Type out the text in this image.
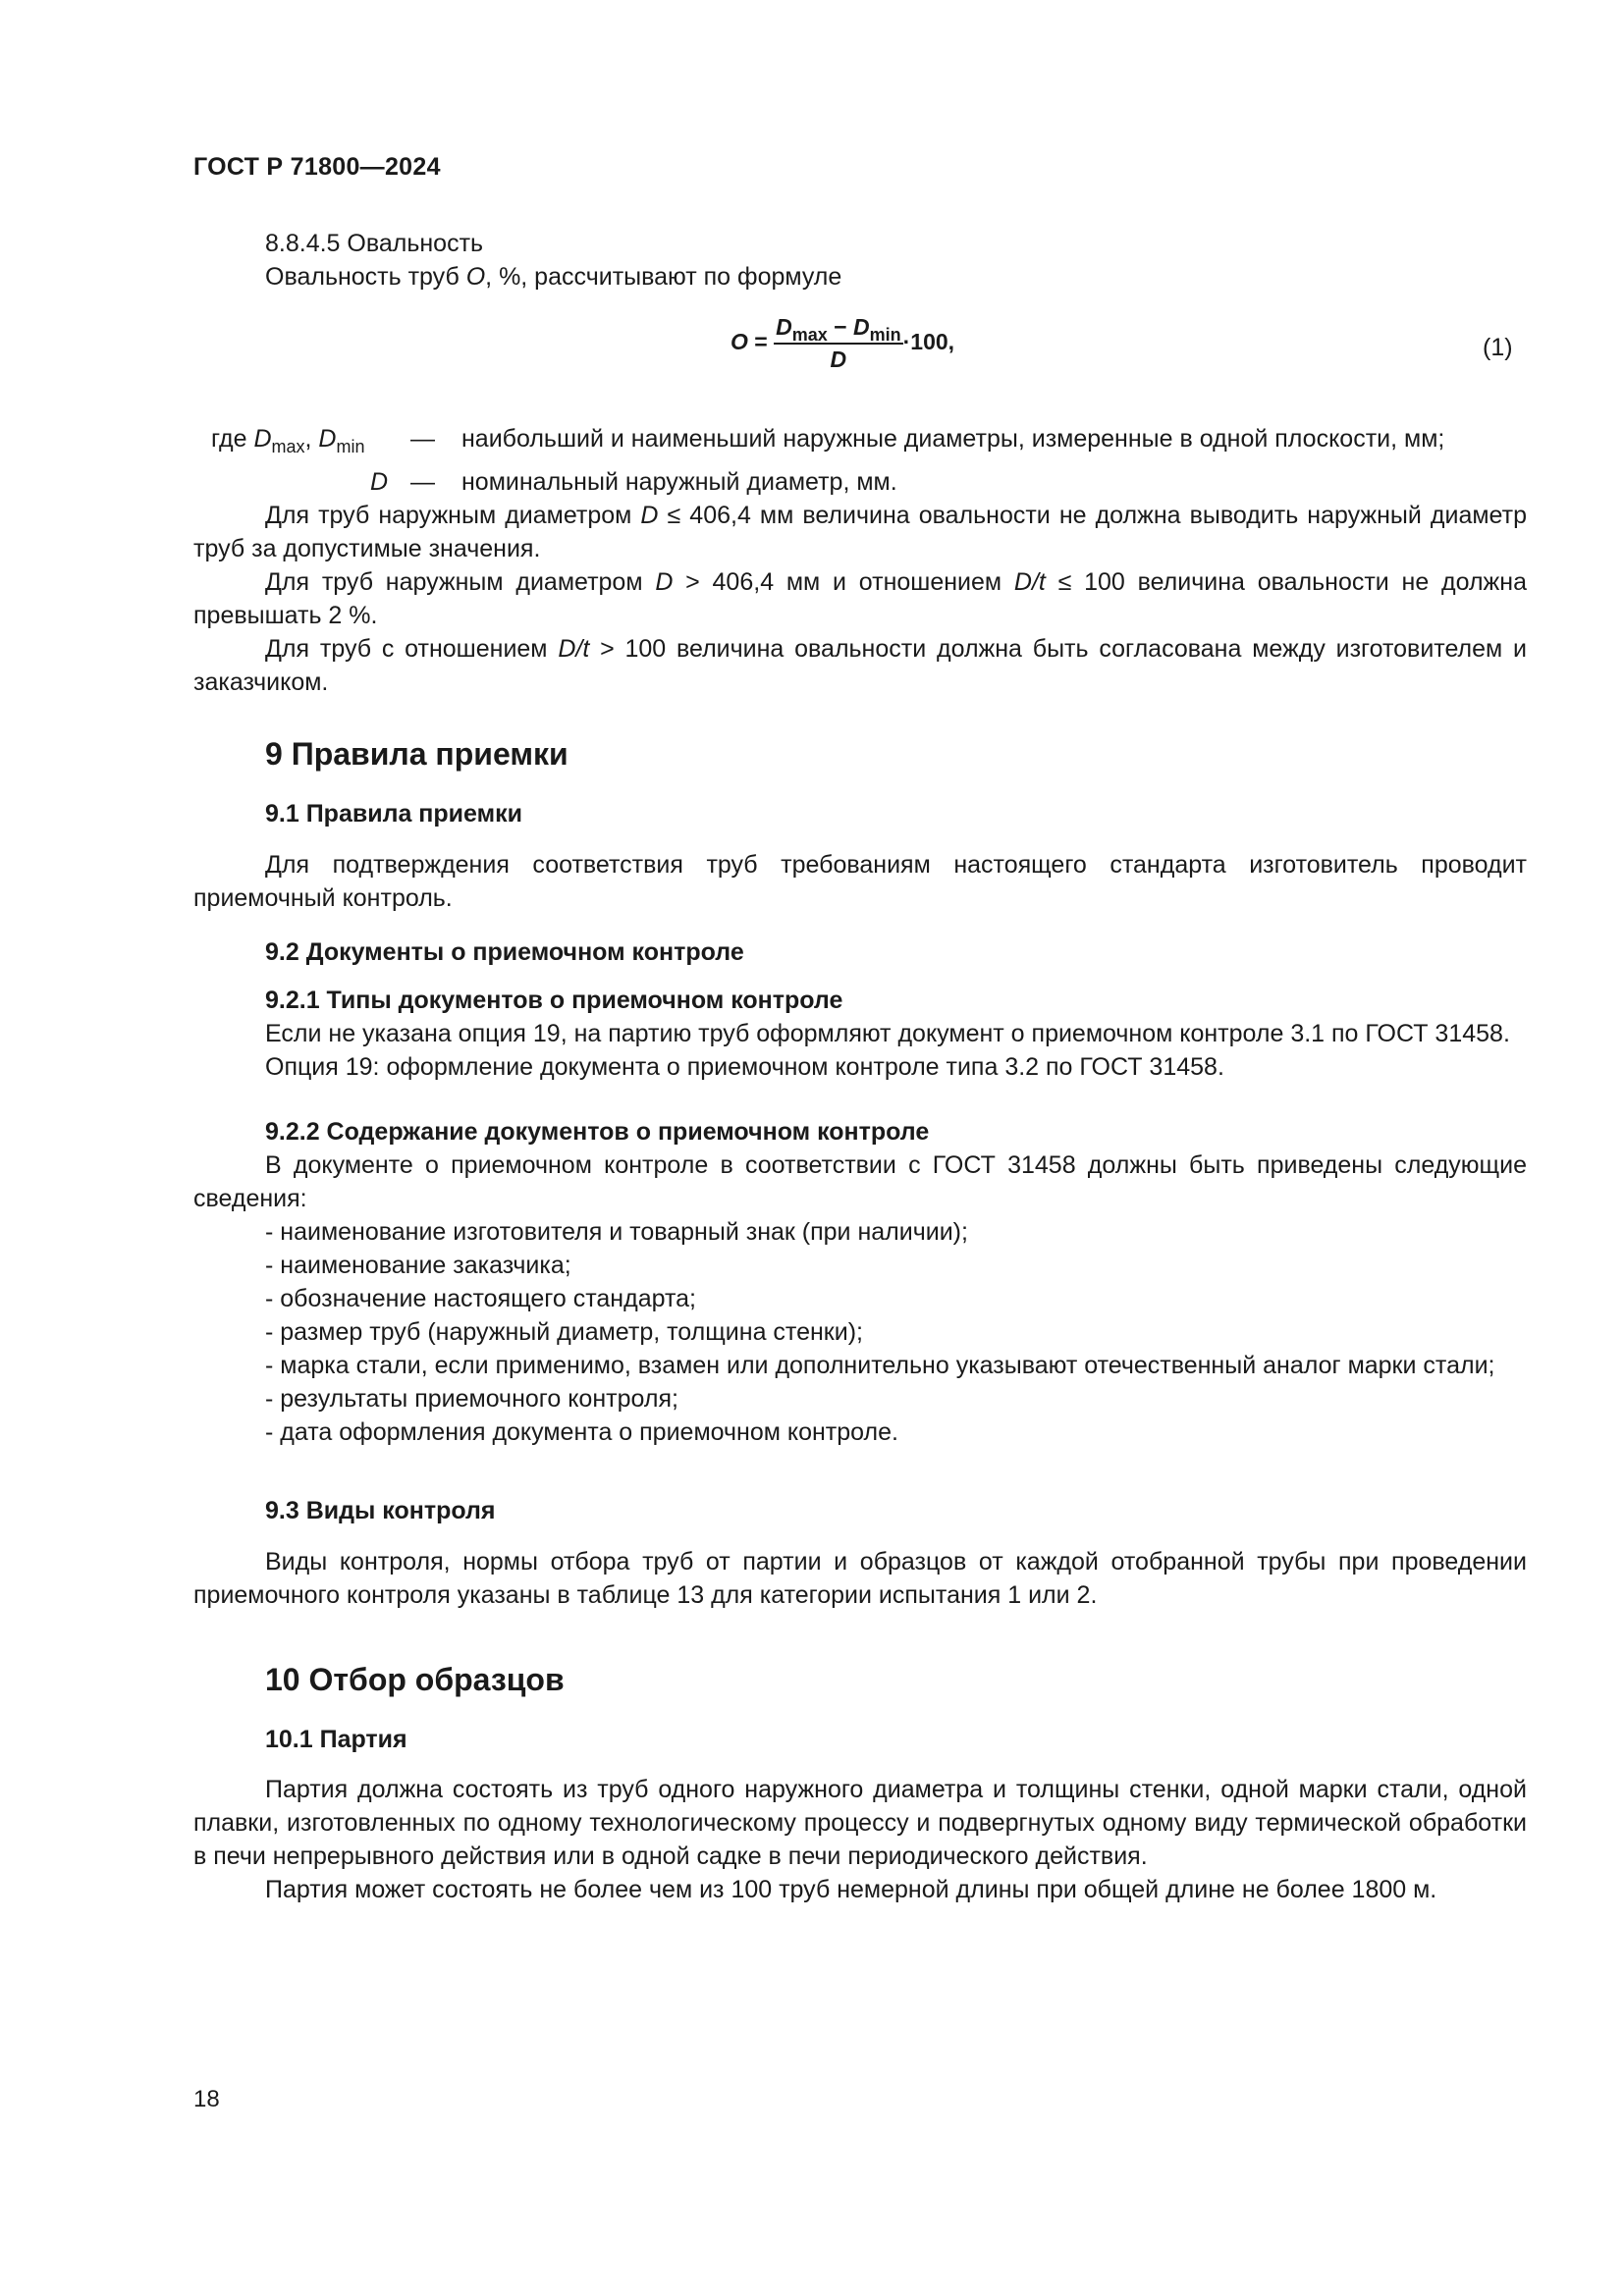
ГОСТ Р 71800—2024
8.8.4.5 Овальность
Овальность труб O, %, рассчитывают по формуле
$O = \frac{D_{max} - D_{min}}{D} \cdot 100$,	(1)
где $D_{max}$, $D_{min}$ — наибольший и наименьший наружные диаметры, измеренные в одной плоскости, мм;
D — номинальный наружный диаметр, мм.

Для труб наружным диаметром D ≤ 406,4 мм величина овальности не должна выводить наружный диаметр труб за допустимые значения.

Для труб наружным диаметром D > 406,4 мм и отношением D/t ≤ 100 величина овальности не должна превышать 2 %.

Для труб с отношением D/t > 100 величина овальности должна быть согласована между изготовителем и заказчиком.

9 Правила приемки
9.1 Правила приемки

Для подтверждения соответствия труб требованиям настоящего стандарта изготовитель проводит приемочный контроль.

9.2 Документы о приемочном контроле
9.2.1 Типы документов о приемочном контроле

Если не указана опция 19, на партию труб оформляют документ о приемочном контроле 3.1 по ГОСТ 31458.

Опция 19: оформление документа о приемочном контроле типа 3.2 по ГОСТ 31458.

9.2.2 Содержание документов о приемочном контроле

В документе о приемочном контроле в соответствии с ГОСТ 31458 должны быть приведены следующие сведения:

- наименование изготовителя и товарный знак (при наличии);

- наименование заказчика;

- обозначение настоящего стандарта;

- размер труб (наружный диаметр, толщина стенки);

- марка стали, если применимо, взамен или дополнительно указывают отечественный аналог марки стали;

- результаты приемочного контроля;

- дата оформления документа о приемочном контроле.

9.3 Виды контроля

Виды контроля, нормы отбора труб от партии и образцов от каждой отобранной трубы при проведении приемочного контроля указаны в таблице 13 для категории испытания 1 или 2.

10 Отбор образцов
10.1 Партия

Партия должна состоять из труб одного наружного диаметра и толщины стенки, одной марки стали, одной плавки, изготовленных по одному технологическому процессу и подвергнутых одному виду термической обработки в печи непрерывного действия или в одной садке в печи периодического действия.

Партия может состоять не более чем из 100 труб немерной длины при общей длине не более 1800 м.

18
